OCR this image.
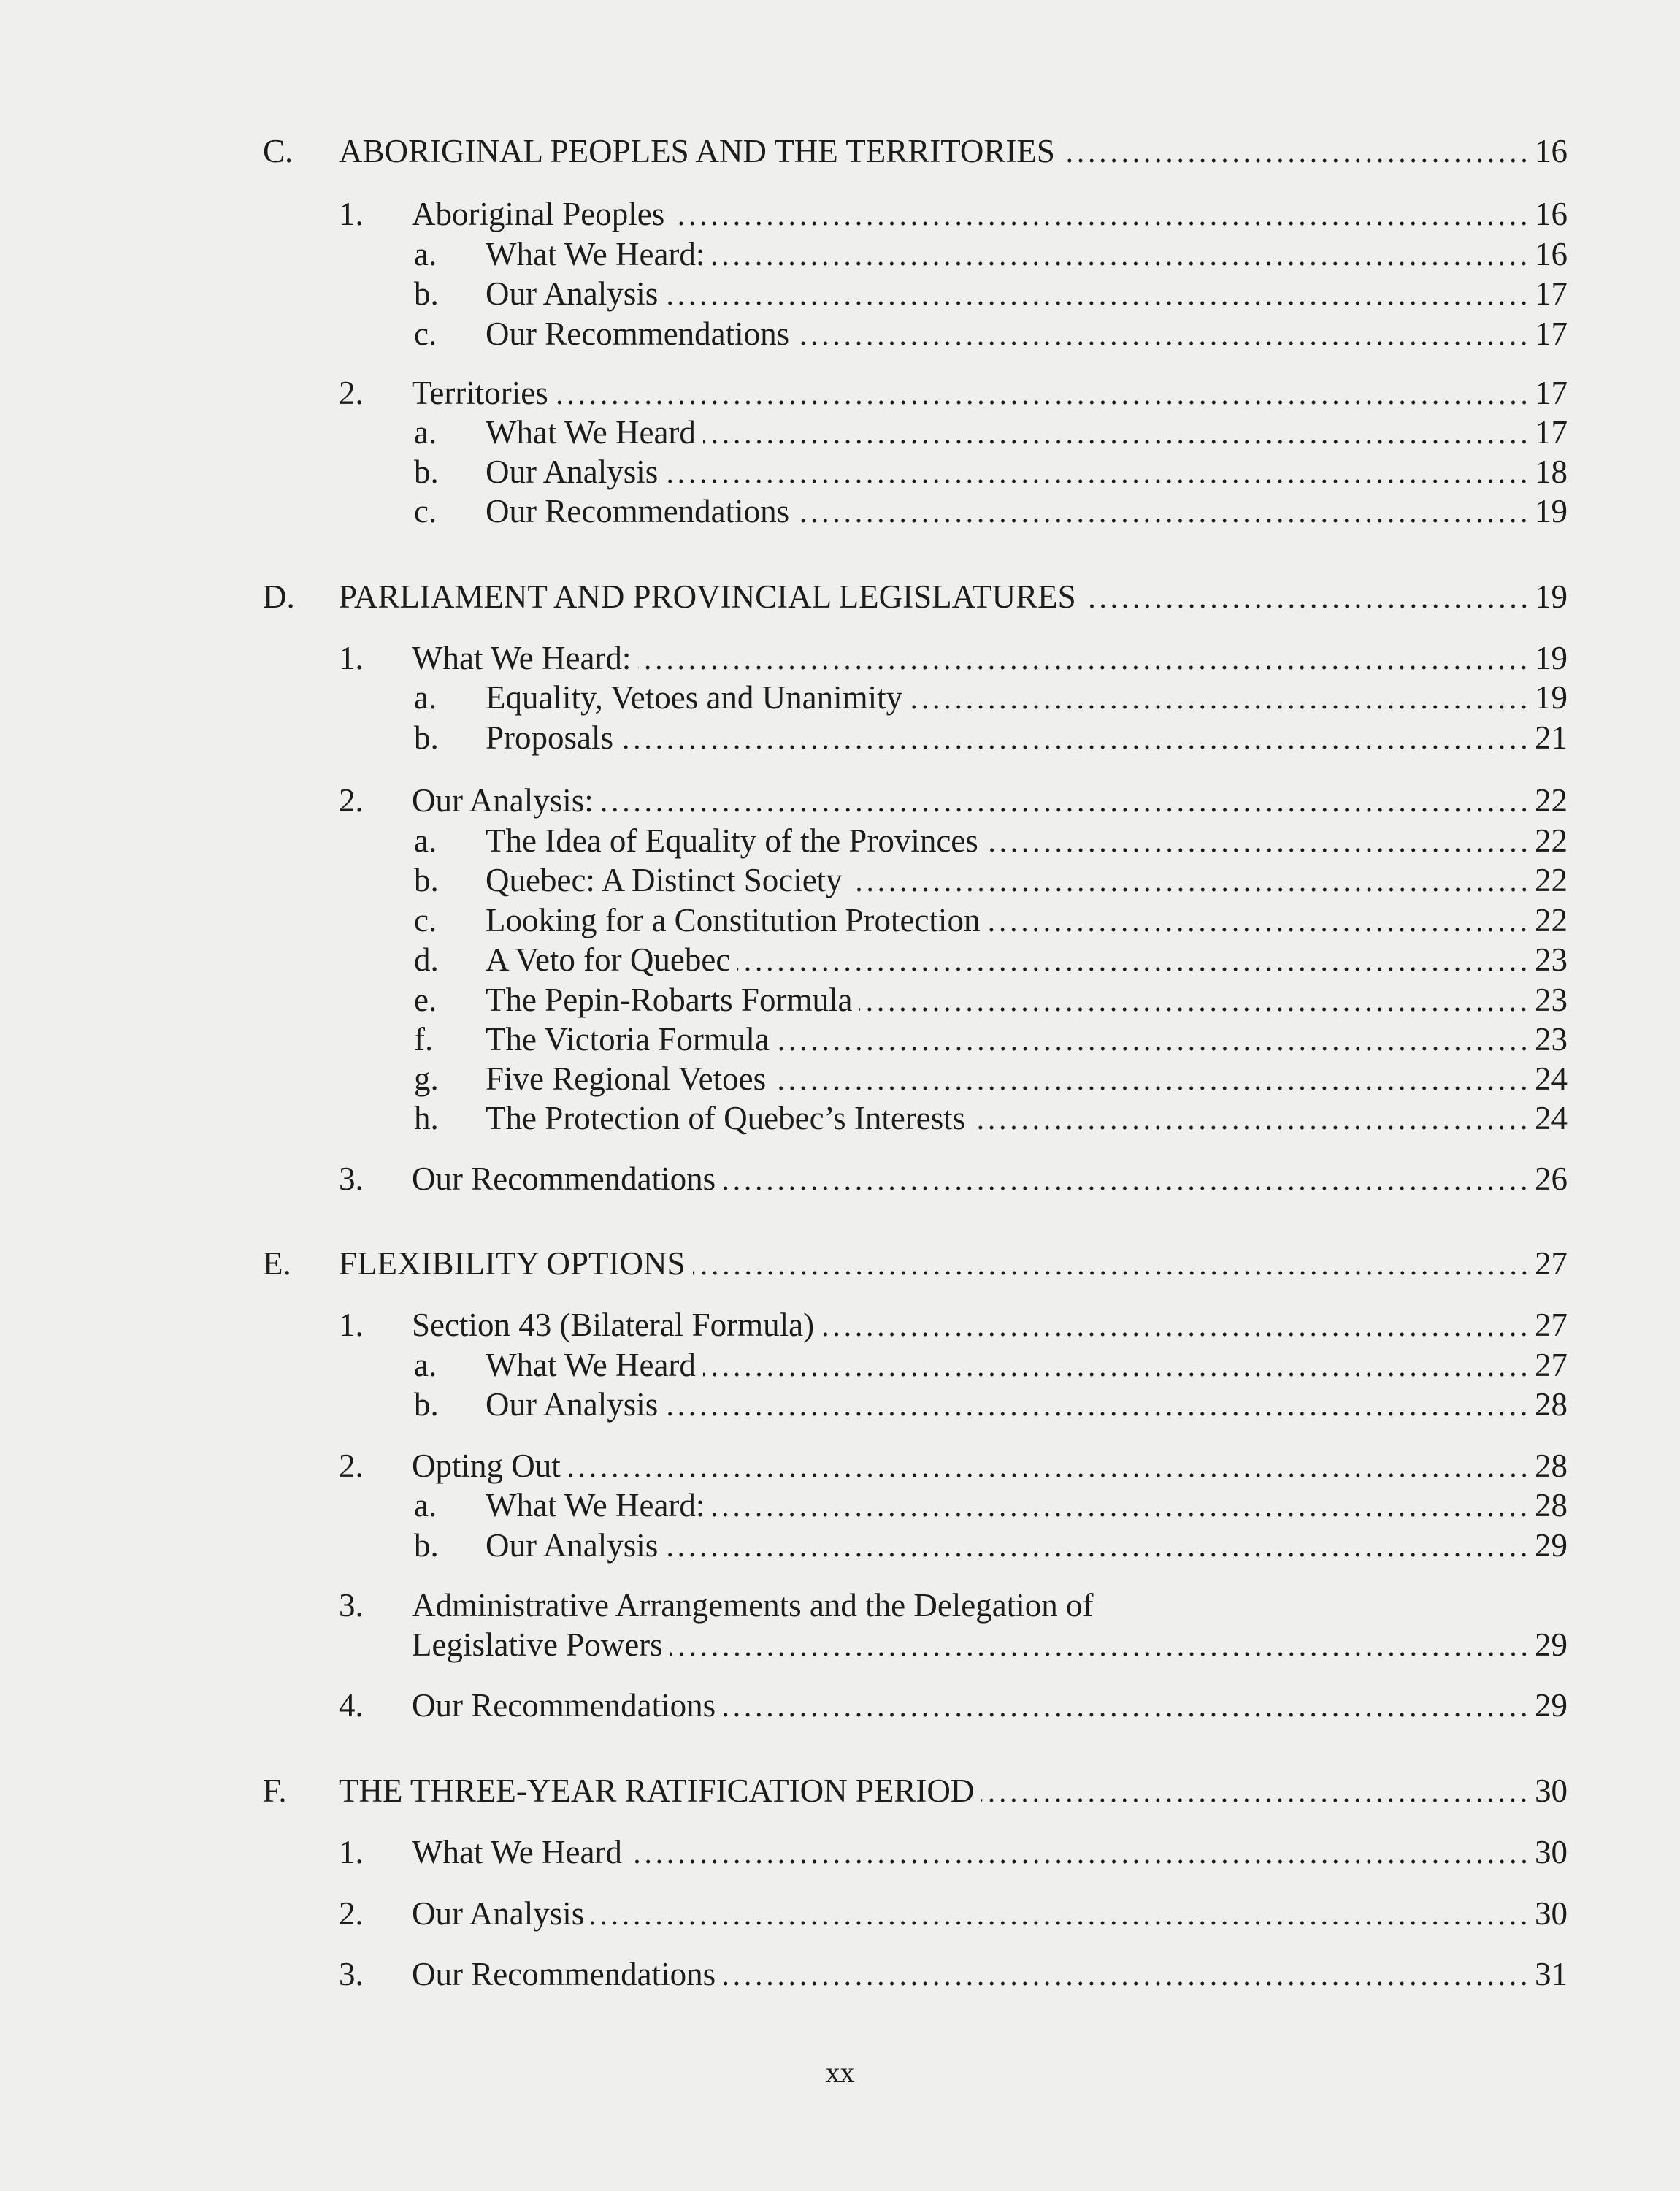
C.	ABORIGINAL PEOPLES AND THE TERRITORIES	16
1.	Aboriginal Peoples	16
a.	What We Heard:	16
b.	Our Analysis	17
c.	Our Recommendations	17
2.	Territories	17
a.	What We Heard	17
b.	Our Analysis	18
c.	Our Recommendations	19
D.	PARLIAMENT AND PROVINCIAL LEGISLATURES	19
1.	What We Heard:	19
a.	Equality, Vetoes and Unanimity	19
b.	Proposals	21
2.	Our Analysis:	22
a.	The Idea of Equality of the Provinces	22
b.	Quebec: A Distinct Society	22
c.	Looking for a Constitution Protection	22
d.	A Veto for Quebec	23
e.	The Pepin-Robarts Formula	23
f.	The Victoria Formula	23
g.	Five Regional Vetoes	24
h.	The Protection of Quebec’s Interests	24
3.	Our Recommendations	26
E.	FLEXIBILITY OPTIONS	27
1.	Section 43 (Bilateral Formula)	27
a.	What We Heard	27
b.	Our Analysis	28
2.	Opting Out	28
a.	What We Heard:	28
b.	Our Analysis	29
3.	Administrative Arrangements and the Delegation of
Legislative Powers	29
4.	Our Recommendations	29
F.	THE THREE-YEAR RATIFICATION PERIOD	30
1.	What We Heard	30
2.	Our Analysis	30
3.	Our Recommendations	31
xx
